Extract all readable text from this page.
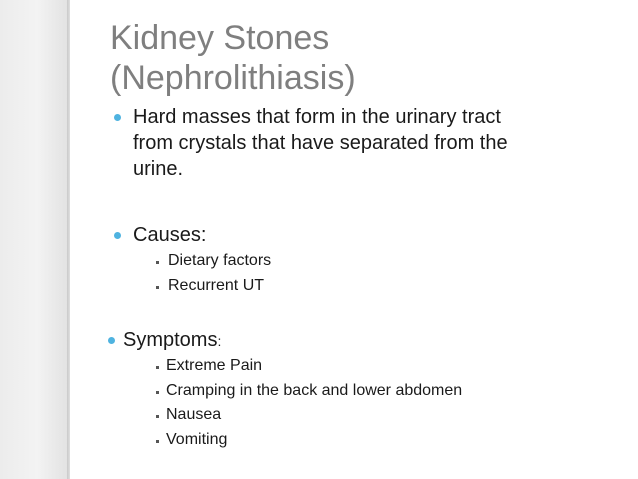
Kidney Stones
(Nephrolithiasis)
Hard masses that form in the urinary tract
from crystals that have separated from the
urine.
Causes:
Dietary factors
Recurrent UT
Symptoms:
Extreme Pain
Cramping in the back and lower abdomen
Nausea
Vomiting
